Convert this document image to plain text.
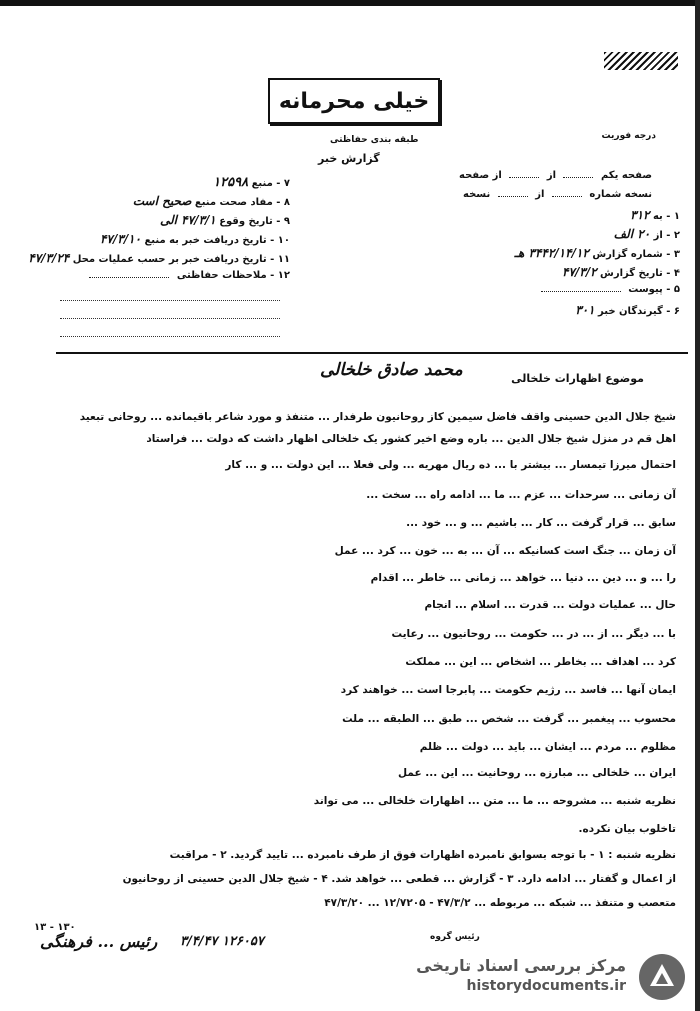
خیلی محرمانه
طبقه بندی حفاظتی
گزارش خبر
درجه فوریت
۷ - منبع ۱۲۵۹۸
۸ - مفاد صحت منبع صحیح است
۹ - تاریخ وقوع ۴۷/۳/۱ الی
۱۰ - تاریخ دریافت خبر به منبع ۴۷/۳/۱۰
۱۱ - تاریخ دریافت خبر بر حسب عملیات محل ۴۷/۳/۲۴
۱۲ - ملاحظات حفاظتی
صفحه یکم  از  از صفحه
نسخه شماره  از  نسخه
۱ - به ۳۱۲
۲ - از ۲۰ الف
۳ - شماره گزارش ۳۴۴۲/۱۴/۱۲ هـ
۴ - تاریخ گزارش ۴۷/۳/۲
۵ - پیوست
۶ - گیرندگان خبر ۳۰۱
موضوع اظهارات خلخالی
محمد صادق خلخالی
شیخ جلال الدین حسینی واقف فاضل سیمین کاز روحانیون طرفدار ... متنفذ و مورد شاعر باقیمانده ... روحانی تبعید
اهل قم در منزل شیخ جلال الدین ... باره وضع اخیر کشور یک خلخالی اظهار داشت که دولت ... فراستاد
احتمال میرزا تیمسار ... بیشتر با ... ده ریال مهریه ... ولی فعلا ... این دولت ... و ... کار
آن زمانی ... سرحدات ... عزم ... ما ... ادامه راه ... سخت ...
سابق ... قرار گرفت ... کار ... باشیم ... و ... خود ...
آن زمان ... جنگ است کسانیکه ... آن ... به ... خون ... کرد ... عمل
را ... و ... دین ... دنیا ... خواهد ... زمانی ... خاطر ... اقدام
حال ... عملیات دولت ... قدرت ... اسلام ... انجام
با ... دیگر ... از ... در ... حکومت ... روحانیون ... رعایت
کرد ... اهداف ... بخاطر ... اشخاص ... این ... مملکت
ایمان آنها ... فاسد ... رژیم حکومت ... پابرجا است ... خواهند کرد
محسوب ... پیغمبر ... گرفت ... شخص ... طبق ... الطبقه ... ملت
مظلوم ... مردم ... ایشان ... باید ... دولت ... ظلم
ایران ... خلخالی ... مبارزه ... روحانیت ... این ... عمل
نظریه شنبه ... مشروحه ... ما ... متن ... اظهارات خلخالی ... می تواند
تاخلوب بیان نکرده.
نظریه شنبه : ۱ - با توجه بسوابق نامبرده اظهارات فوق از طرف نامبرده ... تایید گردید. ۲ - مراقبت
از اعمال و گفتار ... ادامه دارد. ۳ - گزارش ... قطعی ... خواهد شد. ۴ - شیخ جلال الدین حسینی از روحانیون
متعصب و متنفذ ... شبکه ... مربوطه ... ۴۷/۳/۲ - ۱۲/۷۲۰۵ ... ۴۷/۳/۲۰
۱۳۰ - ۱۳
رئیس ... فرهنگی ۱۲۶۰۵۷ ۳/۴/۴۷	رئیس گروه
مرکز بررسی اسناد تاریخی
historydocuments.ir
